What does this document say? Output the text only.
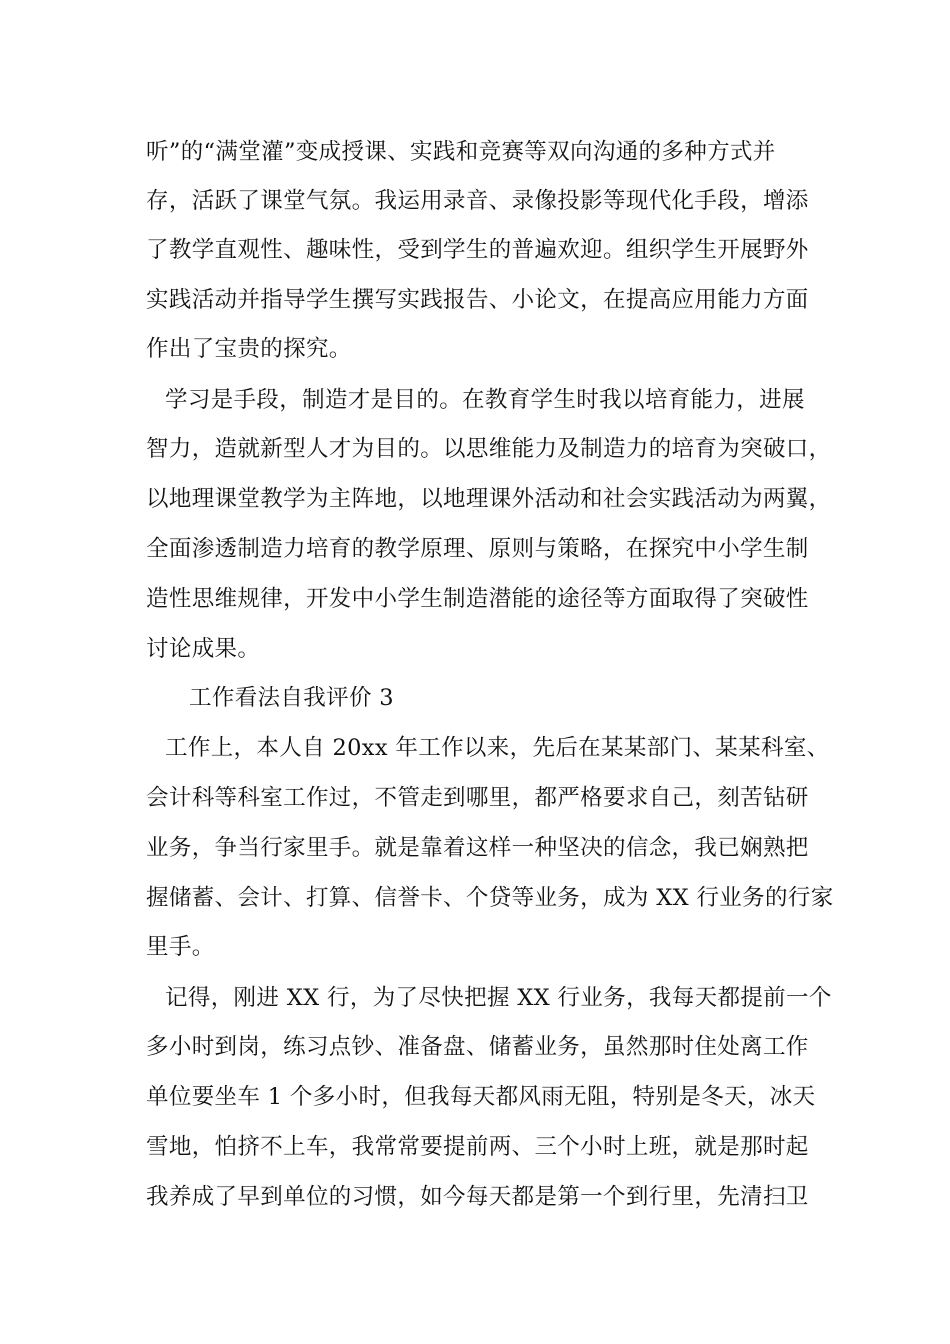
听”的“满堂灌”变成授课、实践和竞赛等双向沟通的多种方式并
存，活跃了课堂气氛。我运用录音、录像投影等现代化手段，增添
了教学直观性、趣味性，受到学生的普遍欢迎。组织学生开展野外
实践活动并指导学生撰写实践报告、小论文，在提高应用能力方面
作出了宝贵的探究。
学习是手段，制造才是目的。在教育学生时我以培育能力，进展
智力，造就新型人才为目的。以思维能力及制造力的培育为突破口，
以地理课堂教学为主阵地，以地理课外活动和社会实践活动为两翼，
全面渗透制造力培育的教学原理、原则与策略，在探究中小学生制
造性思维规律，开发中小学生制造潜能的途径等方面取得了突破性
讨论成果。
工作看法自我评价 3
工作上，本人自 20xx 年工作以来，先后在某某部门、某某科室、
会计科等科室工作过，不管走到哪里，都严格要求自己，刻苦钻研
业务，争当行家里手。就是靠着这样一种坚决的信念，我已娴熟把
握储蓄、会计、打算、信誉卡、个贷等业务，成为 XX 行业务的行家
里手。
记得，刚进 XX 行，为了尽快把握 XX 行业务，我每天都提前一个
多小时到岗，练习点钞、准备盘、储蓄业务，虽然那时住处离工作
单位要坐车 1 个多小时，但我每天都风雨无阻，特别是冬天，冰天
雪地，怕挤不上车，我常常要提前两、三个小时上班，就是那时起
我养成了早到单位的习惯，如今每天都是第一个到行里，先清扫卫
